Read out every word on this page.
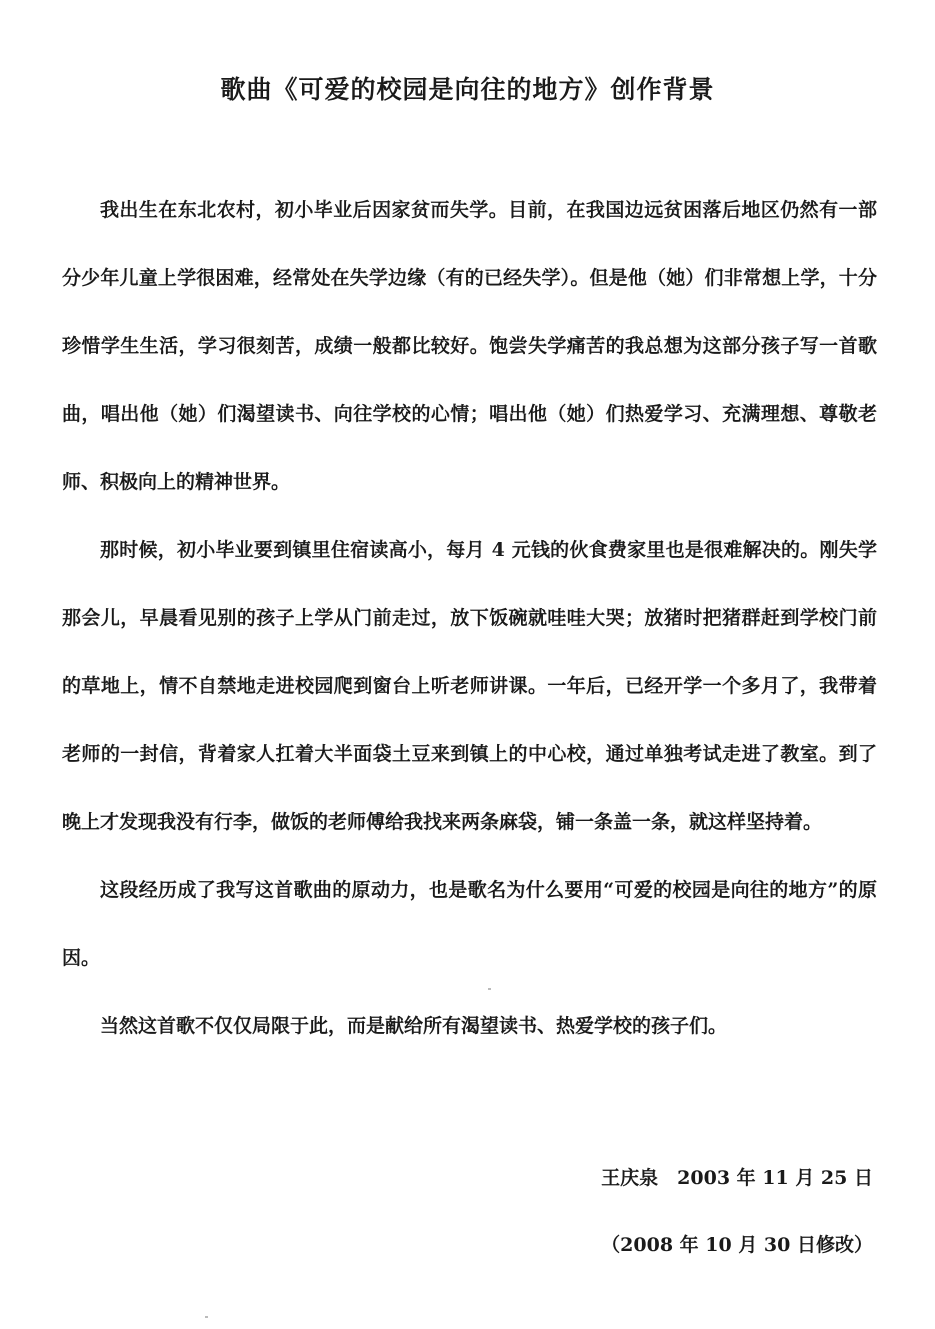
歌曲《可爱的校园是向往的地方》创作背景

我出生在东北农村，初小毕业后因家贫而失学。目前，在我国边远贫困落后地区仍然有一部分少年儿童上学很困难，经常处在失学边缘（有的已经失学）。但是他（她）们非常想上学，十分珍惜学生生活，学习很刻苦，成绩一般都比较好。饱尝失学痛苦的我总想为这部分孩子写一首歌曲，唱出他（她）们渴望读书、向往学校的心情；唱出他（她）们热爱学习、充满理想、尊敬老师、积极向上的精神世界。

那时候，初小毕业要到镇里住宿读高小，每月 4 元钱的伙食费家里也是很难解决的。刚失学那会儿，早晨看见别的孩子上学从门前走过，放下饭碗就哇哇大哭；放猪时把猪群赶到学校门前的草地上，情不自禁地走进校园爬到窗台上听老师讲课。一年后，已经开学一个多月了，我带着老师的一封信，背着家人扛着大半面袋土豆来到镇上的中心校，通过单独考试走进了教室。到了晚上才发现我没有行李，做饭的老师傅给我找来两条麻袋，铺一条盖一条，就这样坚持着。

这段经历成了我写这首歌曲的原动力，也是歌名为什么要用“可爱的校园是向往的地方”的原因。

当然这首歌不仅仅局限于此，而是献给所有渴望读书、热爱学校的孩子们。

王庆泉　2003 年 11 月 25 日
（2008 年 10 月 30 日修改）
